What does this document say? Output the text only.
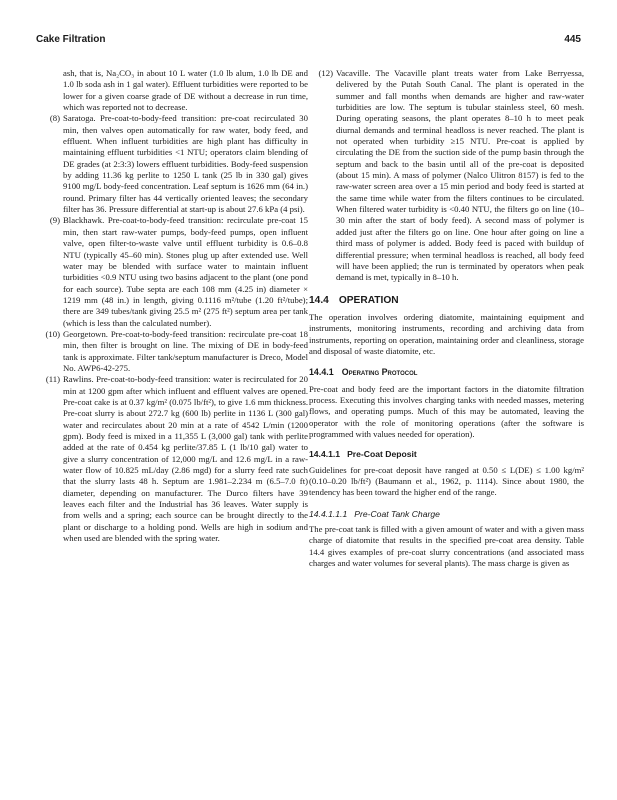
Cake Filtration	445

ash, that is, Na₂CO₃ in about 10 L water (1.0 lb alum, 1.0 lb DE and 1.0 lb soda ash in 1 gal water). Effluent turbidities were reported to be lower for a given coarse grade of DE without a decrease in run time, which was reported not to decrease.

(8) Saratoga. Pre-coat-to-body-feed transition: pre-coat recirculated 30 min, then valves open automatically for raw water, body feed, and effluent. When influent turbidities are high plant has difficulty in maintaining effluent turbidities <1 NTU; operators claim blending of DE grades (at 2:3:3) lowers effluent turbidities. Body-feed suspension by adding 11.36 kg perlite to 1250 L tank (25 lb in 330 gal) gives 9100 mg/L body-feed concentration. Leaf septum is 1626 mm (64 in.) round. Primary filter has 44 vertically oriented leaves; the secondary filter has 36. Pressure differential at start-up is about 27.6 kPa (4 psi).

(9) Blackhawk. Pre-coat-to-body-feed transition: recirculate pre-coat 15 min, then start raw-water pumps, body-feed pumps, open influent valve, open filter-to-waste valve until effluent turbidity is 0.6–0.8 NTU (typically 45–60 min). Stones plug up after extended use. Well water may be blended with surface water to maintain influent turbidities <0.9 NTU using two basins adjacent to the plant (one pond for each source). Tube septa are each 108 mm (4.25 in) diameter × 1219 mm (48 in.) in length, giving 0.1116 m²/tube (1.20 ft²/tube); there are 349 tubes/tank giving 25.5 m² (275 ft²) septum area per tank (which is less than the calculated number).

(10) Georgetown. Pre-coat-to-body-feed transition: recirculate pre-coat 18 min, then filter is brought on line. The mixing of DE in body-feed tank is approximate. Filter tank/septum manufacturer is Dreco, Model No. AWP6-42-275.

(11) Rawlins. Pre-coat-to-body-feed transition: water is recirculated for 20 min at 1200 gpm after which influent and effluent valves are opened. Pre-coat cake is at 0.37 kg/m² (0.075 lb/ft²), to give 1.6 mm thickness. Pre-coat slurry is about 272.7 kg (600 lb) perlite in 1136 L (300 gal) water and recirculates about 20 min at a rate of 4542 L/min (1200 gpm). Body feed is mixed in a 11,355 L (3,000 gal) tank with perlite added at the rate of 0.454 kg perlite/37.85 L (1 lb/10 gal) water to give a slurry concentration of 12,000 mg/L and 12.6 mg/L in a raw-water flow of 10.825 mL/day (2.86 mgd) for a slurry feed rate such that the slurry lasts 48 h. Septum are 1.981–2.234 m (6.5–7.0 ft) diameter, depending on manufacturer. The Durco filters have 39 leaves each filter and the Industrial has 36 leaves. Water supply is from wells and a spring; each source can be brought directly to the plant or discharge to a holding pond. Wells are high in sodium and when used are blended with the spring water.

(12) Vacaville. The Vacaville plant treats water from Lake Berryessa, delivered by the Putah South Canal. The plant is operated in the summer and fall months when demands are higher and raw-water turbidities are low. The septum is tubular stainless steel, 60 mesh. During operating seasons, the plant operates 8–10 h to meet peak diurnal demands and terminal headloss is never reached. The plant is not operated when turbidity ≥15 NTU. Pre-coat is applied by circulating the DE from the suction side of the pump basin through the septum and back to the basin until all of the pre-coat is deposited (about 15 min). A mass of polymer (Nalco Ulitron 8157) is fed to the raw-water screen area over a 15 min period and body feed is started at the same time while water from the filters continues to be circulated. When filtered water turbidity is <0.40 NTU, the filters go on line (10–30 min after the start of body feed). A second mass of polymer is added just after the filters go on line. One hour after going on line a third mass of polymer is added. Body feed is paced with buildup of differential pressure; when terminal headloss is reached, all body feed will have been applied; the run is terminated by operators when peak demand is met, typically in 8–10 h.

14.4 OPERATION

The operation involves ordering diatomite, maintaining equipment and instruments, monitoring instruments, recording and archiving data from instruments, reporting on operation, maintaining order and cleanliness, storage and disposal of waste diatomite, etc.

14.4.1 Operating Protocol

Pre-coat and body feed are the important factors in the diatomite filtration process. Executing this involves charging tanks with needed masses, metering flows, and operating pumps. Much of this may be automated, leaving the operator with the role of monitoring operations (after the software is programmed with values needed for operation).

14.4.1.1 Pre-Coat Deposit

Guidelines for pre-coat deposit have ranged at 0.50 ≤ L(DE) ≤ 1.00 kg/m² (0.10–0.20 lb/ft²) (Baumann et al., 1962, p. 1114). Since about 1980, the tendency has been toward the higher end of the range.

14.4.1.1.1 Pre-Coat Tank Charge

The pre-coat tank is filled with a given amount of water and with a given mass charge of diatomite that results in the specified pre-coat area density. Table 14.4 gives examples of pre-coat slurry concentrations (and associated mass charges and water volumes for several plants). The mass charge is given as
